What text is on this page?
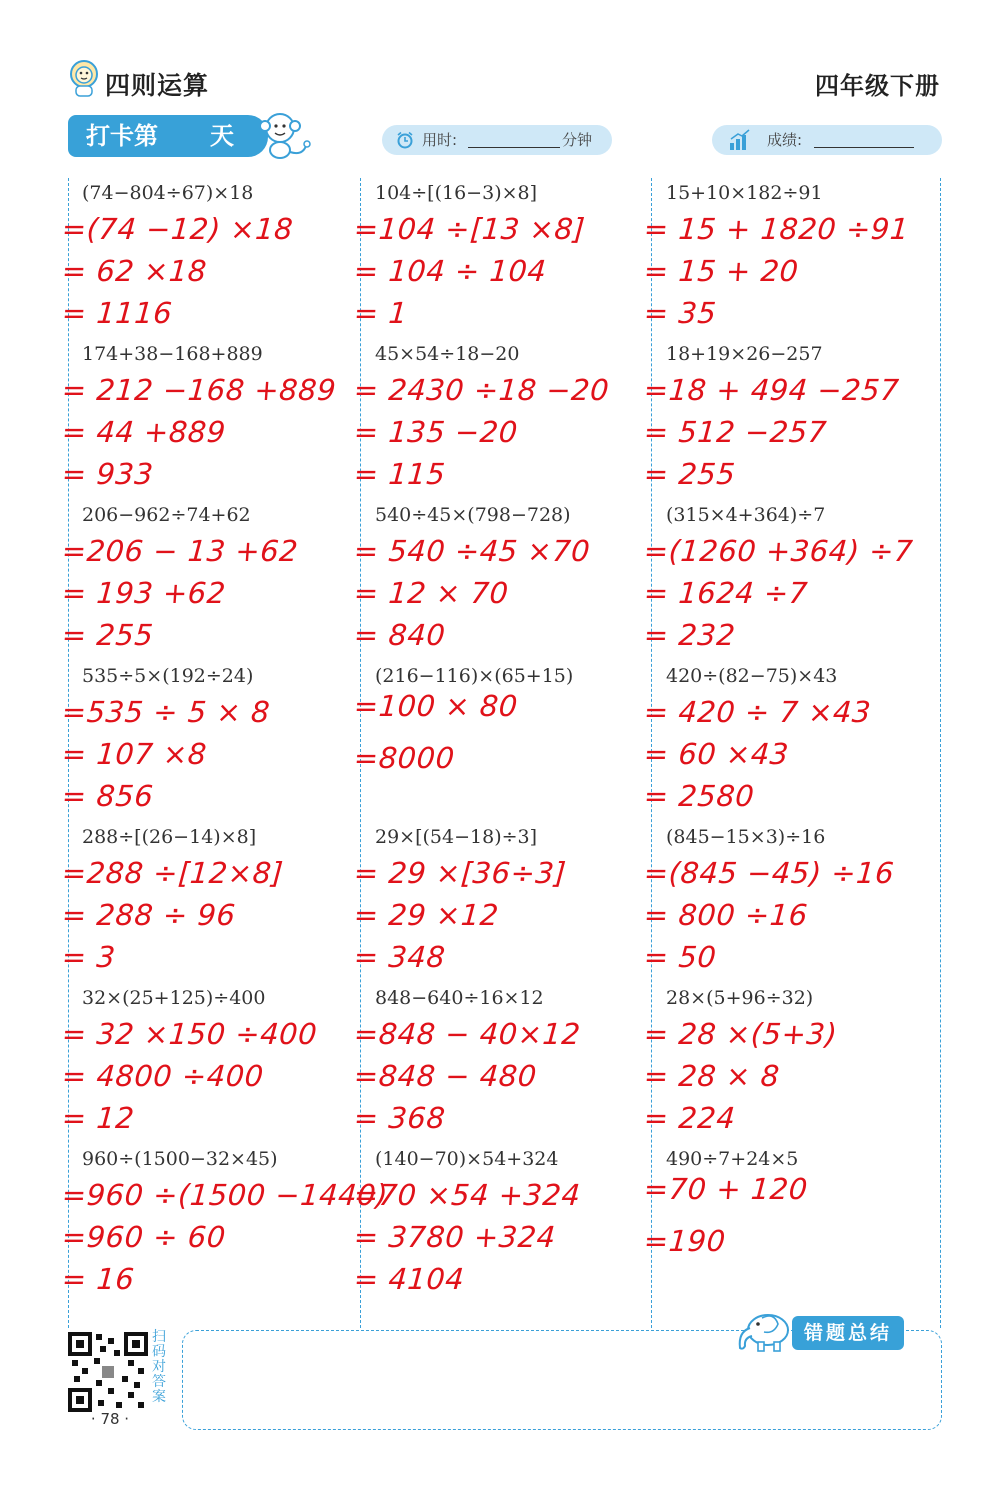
四则运算	四年级下册
打卡第 天	用时:	分钟	成绩:
(74−804÷67)×18
=(74 −12) ×18
= 62 ×18
= 1116
174+38−168+889
= 212 −168 +889
= 44 +889
= 933
206−962÷74+62
=206 − 13 +62
= 193 +62
= 255
535÷5×(192÷24)
=535 ÷ 5 × 8
= 107 ×8
= 856
288÷[(26−14)×8]
=288 ÷[12×8]
= 288 ÷ 96
= 3
32×(25+125)÷400
= 32 ×150 ÷400
= 4800 ÷400
= 12
960÷(1500−32×45)
=960 ÷(1500 −1440)
=960 ÷ 60
= 16
104÷[(16−3)×8]
=104 ÷[13 ×8]
= 104 ÷ 104
= 1
45×54÷18−20
= 2430 ÷18 −20
= 135 −20
= 115
540÷45×(798−728)
= 540 ÷45 ×70
= 12 × 70
= 840
(216−116)×(65+15)
=100 × 80
=8000
29×[(54−18)÷3]
= 29 ×[36÷3]
= 29 ×12
= 348
848−640÷16×12
=848 − 40×12
=848 − 480
= 368
(140−70)×54+324
=70 ×54 +324
= 3780 +324
= 4104
15+10×182÷91
= 15 + 1820 ÷91
= 15 + 20
= 35
18+19×26−257
=18 + 494 −257
= 512 −257
= 255
(315×4+364)÷7
=(1260 +364) ÷7
= 1624 ÷7
= 232
420÷(82−75)×43
= 420 ÷ 7 ×43
= 60 ×43
= 2580
(845−15×3)÷16
=(845 −45) ÷16
= 800 ÷16
= 50
28×(5+96÷32)
= 28 ×(5+3)
= 28 × 8
= 224
490÷7+24×5
=70 + 120
=190
错题总结
扫码对答案
· 78 ·
